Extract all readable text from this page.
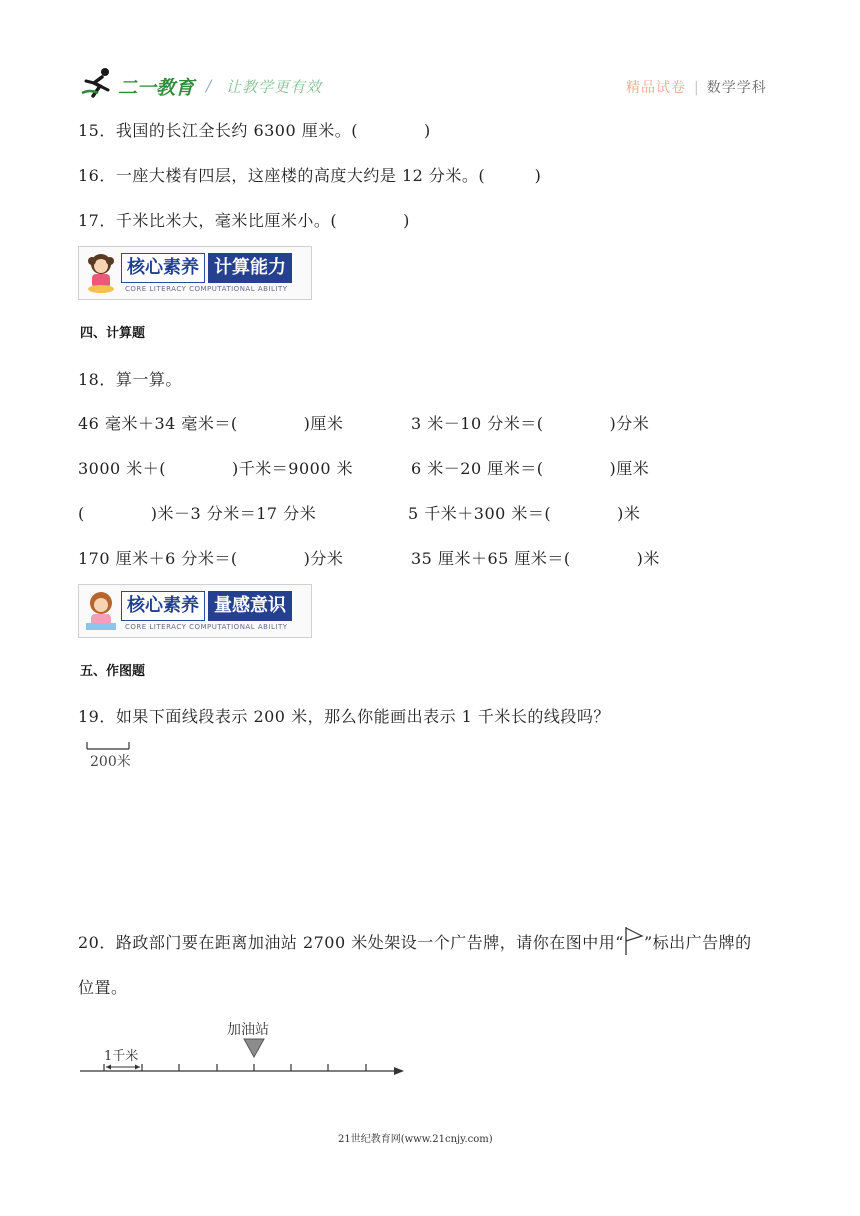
二一教育 / 让教学更有效	精品试卷 | 数学学科
15．我国的长江全长约 6300 厘米。(　　　　)
16．一座大楼有四层，这座楼的高度大约是 12 分米。(　　　)
17．千米比米大，毫米比厘米小。(　　　　)
核心素养 计算能力
CORE LITERACY COMPUTATIONAL ABILITY
四、计算题
18．算一算。
46 毫米＋34 毫米＝(　　　　)厘米	3 米－10 分米＝(　　　　)分米
3000 米＋(　　　　)千米＝9000 米	6 米－20 厘米＝(　　　　)厘米
(　　　　)米－3 分米＝17 分米	5 千米＋300 米＝(　　　　)米
170 厘米＋6 分米＝(　　　　)分米	35 厘米＋65 厘米＝(　　　　)米
核心素养 量感意识
CORE LITERACY COMPUTATIONAL ABILITY
五、作图题
19．如果下面线段表示 200 米，那么你能画出表示 1 千米长的线段吗？
200米
20．路政部门要在距离加油站 2700 米处架设一个广告牌，请你在图中用“ ”标出广告牌的
位置。
加油站
1千米
21世纪教育网(www.21cnjy.com)
